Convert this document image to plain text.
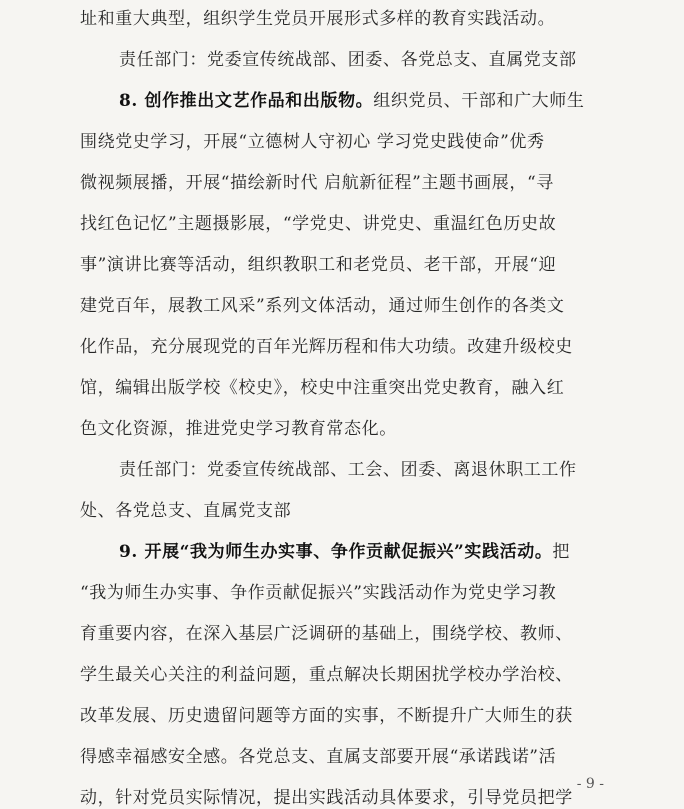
址和重大典型，组织学生党员开展形式多样的教育实践活动。
责任部门：党委宣传统战部、团委、各党总支、直属党支部
8. 创作推出文艺作品和出版物。组织党员、干部和广大师生
围绕党史学习，开展“立德树人守初心 学习党史践使命”优秀
微视频展播，开展“描绘新时代 启航新征程”主题书画展，“寻
找红色记忆”主题摄影展，“学党史、讲党史、重温红色历史故
事”演讲比赛等活动，组织教职工和老党员、老干部，开展“迎
建党百年，展教工风采”系列文体活动，通过师生创作的各类文
化作品，充分展现党的百年光辉历程和伟大功绩。改建升级校史
馆，编辑出版学校《校史》，校史中注重突出党史教育，融入红
色文化资源，推进党史学习教育常态化。
责任部门：党委宣传统战部、工会、团委、离退休职工工作
处、各党总支、直属党支部
9. 开展“我为师生办实事、争作贡献促振兴”实践活动。把
“我为师生办实事、争作贡献促振兴”实践活动作为党史学习教
育重要内容，在深入基层广泛调研的基础上，围绕学校、教师、
学生最关心关注的利益问题，重点解决长期困扰学校办学治校、
改革发展、历史遗留问题等方面的实事，不断提升广大师生的获
得感幸福感安全感。各党总支、直属支部要开展“承诺践诺”活
动，针对党员实际情况，提出实践活动具体要求，引导党员把学
- 9 -
